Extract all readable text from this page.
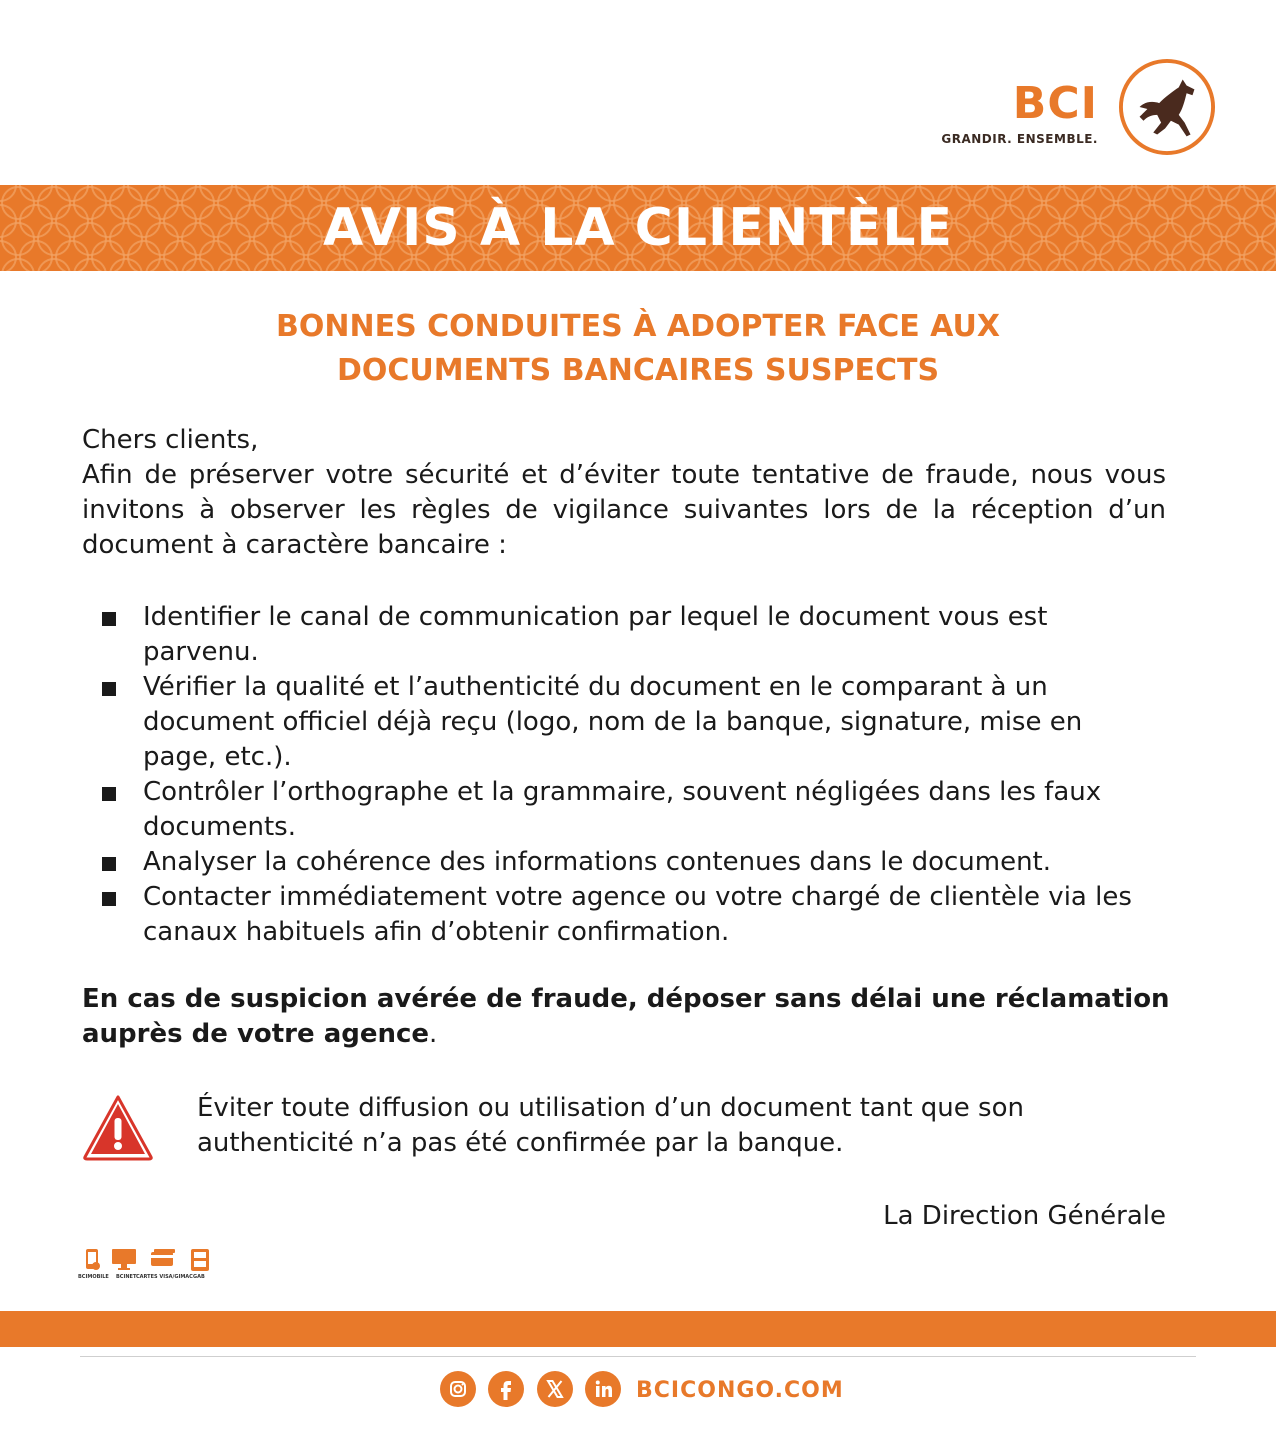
BCI
GRANDIR. ENSEMBLE.
AVIS À LA CLIENTÈLE
BONNES CONDUITES À ADOPTER FACE AUX
DOCUMENTS BANCAIRES SUSPECTS
Chers clients,
Afin de préserver votre sécurité et d’éviter toute tentative de fraude, nous vous invitons à observer les règles de vigilance suivantes lors de la réception d’un document à caractère bancaire :
Identifier le canal de communication par lequel le document vous est parvenu.
Vérifier la qualité et l’authenticité du document en le comparant à un document officiel déjà reçu (logo, nom de la banque, signature, mise en page, etc.).
Contrôler l’orthographe et la grammaire, souvent négligées dans les faux documents.
Analyser la cohérence des informations contenues dans le document.
Contacter immédiatement votre agence ou votre chargé de clientèle via les canaux habituels afin d’obtenir confirmation.
En cas de suspicion avérée de fraude, déposer sans délai une réclamation auprès de votre agence.
Éviter toute diffusion ou utilisation d’un document tant que son authenticité n’a pas été confirmée par la banque.
La Direction Générale
BCIMOBILE BCINET CARTES VISA/GIMAC GAB
BCICONGO.COM
